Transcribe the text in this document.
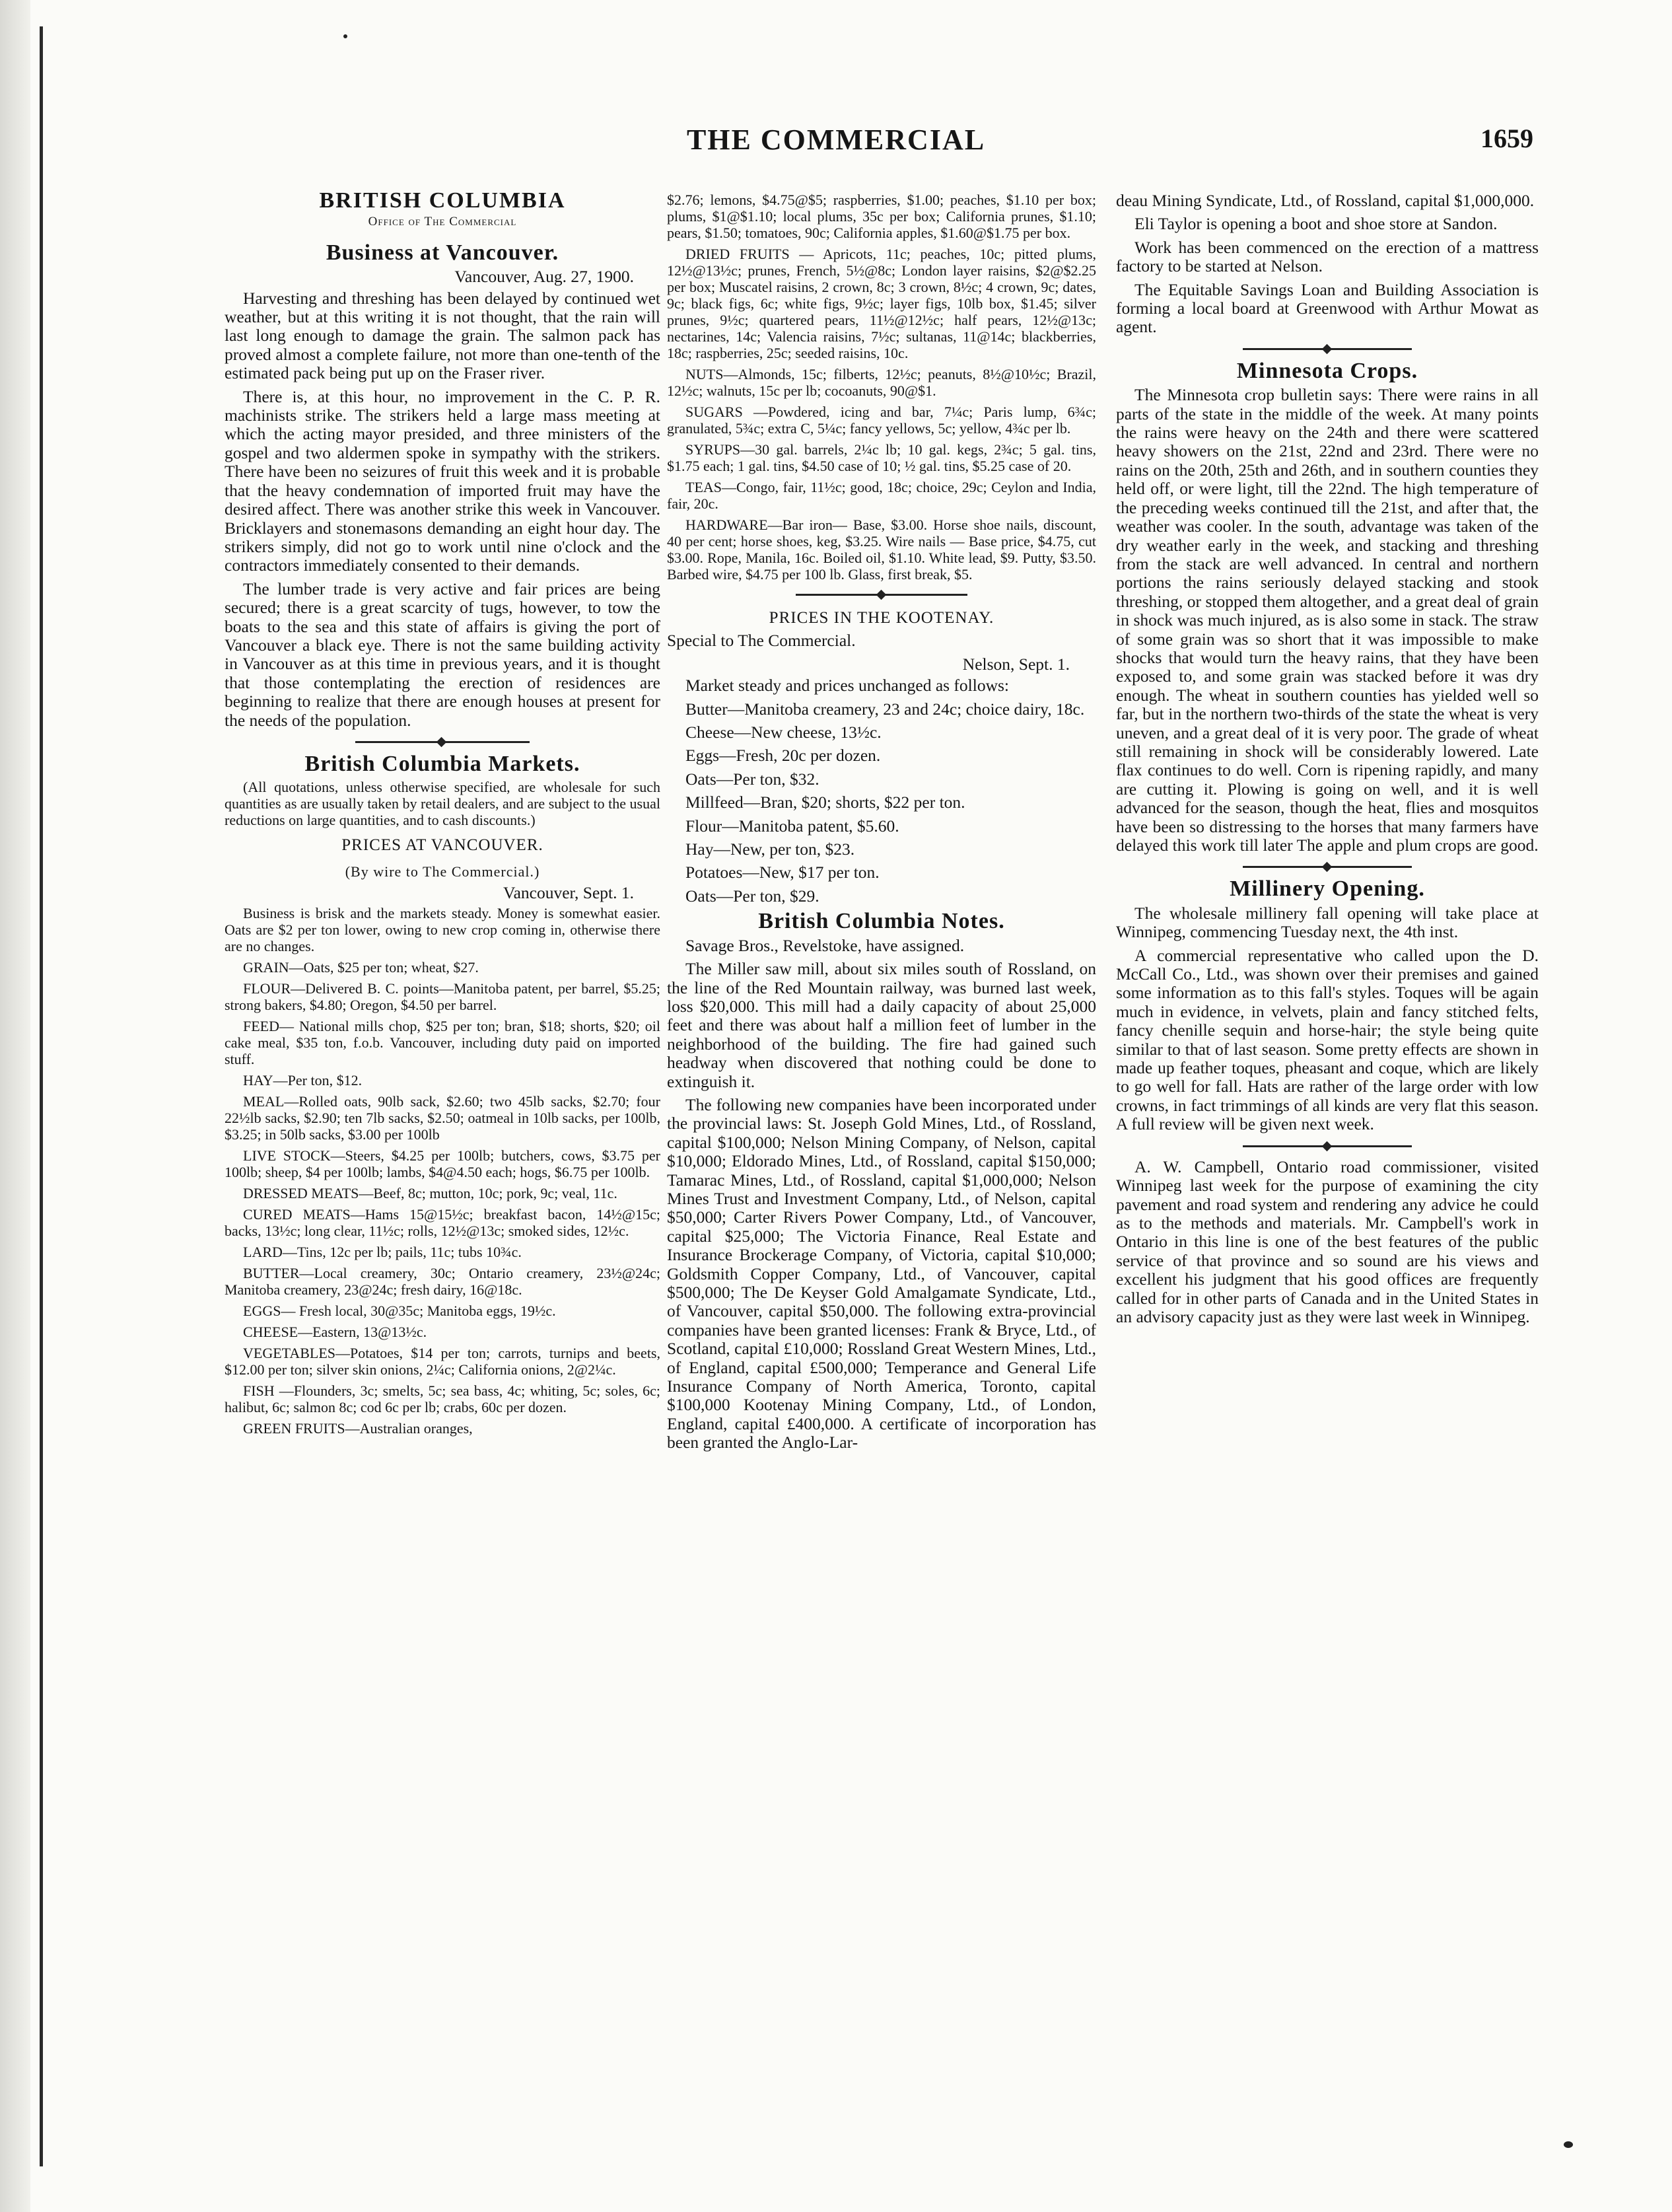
THE COMMERCIAL	1659
BRITISH COLUMBIA
Office of The Commercial
Business at Vancouver.
Vancouver, Aug. 27, 1900.

Harvesting and threshing has been delayed by continued wet weather, but at this writing it is not thought, that the rain will last long enough to damage the grain. The salmon pack has proved almost a complete failure, not more than one-tenth of the estimated pack being put up on the Fraser river.

There is, at this hour, no improvement in the C. P. R. machinists strike. The strikers held a large mass meeting at which the acting mayor presided, and three ministers of the gospel and two aldermen spoke in sympathy with the strikers. There have been no seizures of fruit this week and it is probable that the heavy condemnation of imported fruit may have the desired affect. There was another strike this week in Vancouver. Bricklayers and stonemasons demanding an eight hour day. The strikers simply, did not go to work until nine o'clock and the contractors immediately consented to their demands.

The lumber trade is very active and fair prices are being secured; there is a great scarcity of tugs, however, to tow the boats to the sea and this state of affairs is giving the port of Vancouver a black eye. There is not the same building activity in Vancouver as at this time in previous years, and it is thought that those contemplating the erection of residences are beginning to realize that there are enough houses at present for the needs of the population.

British Columbia Markets.

(All quotations, unless otherwise specified, are wholesale for such quantities as are usually taken by retail dealers, and are subject to the usual reductions on large quantities, and to cash discounts.)

PRICES AT VANCOUVER.
(By wire to The Commercial.)
Vancouver, Sept. 1.

Business is brisk and the markets steady. Money is somewhat easier. Oats are $2 per ton lower, owing to new crop coming in, otherwise there are no changes.

GRAIN—Oats, $25 per ton; wheat, $27.

FLOUR—Delivered B. C. points—Manitoba patent, per barrel, $5.25; strong bakers, $4.80; Oregon, $4.50 per barrel.

FEED— National mills chop, $25 per ton; bran, $18; shorts, $20; oil cake meal, $35 ton, f.o.b. Vancouver, including duty paid on imported stuff.

HAY—Per ton, $12.

MEAL—Rolled oats, 90lb sack, $2.60; two 45lb sacks, $2.70; four 22½lb sacks, $2.90; ten 7lb sacks, $2.50; oatmeal in 10lb sacks, per 100lb, $3.25; in 50lb sacks, $3.00 per 100lb

LIVE STOCK—Steers, $4.25 per 100lb; butchers, cows, $3.75 per 100lb; sheep, $4 per 100lb; lambs, $4@4.50 each; hogs, $6.75 per 100lb.

DRESSED MEATS—Beef, 8c; mutton, 10c; pork, 9c; veal, 11c.

CURED MEATS—Hams 15@15½c; breakfast bacon, 14½@15c; backs, 13½c; long clear, 11½c; rolls, 12½@13c; smoked sides, 12½c.

LARD—Tins, 12c per lb; pails, 11c; tubs 10¾c.

BUTTER—Local creamery, 30c; Ontario creamery, 23½@24c; Manitoba creamery, 23@24c; fresh dairy, 16@18c.

EGGS— Fresh local, 30@35c; Manitoba eggs, 19½c.

CHEESE—Eastern, 13@13½c.

VEGETABLES—Potatoes, $14 per ton; carrots, turnips and beets, $12.00 per ton; silver skin onions, 2¼c; California onions, 2@2¼c.

FISH —Flounders, 3c; smelts, 5c; sea bass, 4c; whiting, 5c; soles, 6c; halibut, 6c; salmon 8c; cod 6c per lb; crabs, 60c per dozen.

GREEN FRUITS—Australian oranges,

$2.76; lemons, $4.75@$5; raspberries, $1.00; peaches, $1.10 per box; plums, $1@$1.10; local plums, 35c per box; California prunes, $1.10; pears, $1.50; tomatoes, 90c; California apples, $1.60@$1.75 per box.

DRIED FRUITS — Apricots, 11c; peaches, 10c; pitted plums, 12½@13½c; prunes, French, 5½@8c; London layer raisins, $2@$2.25 per box; Muscatel raisins, 2 crown, 8c; 3 crown, 8½c; 4 crown, 9c; dates, 9c; black figs, 6c; white figs, 9½c; layer figs, 10lb box, $1.45; silver prunes, 9½c; quartered pears, 11½@12½c; half pears, 12½@13c; nectarines, 14c; Valencia raisins, 7½c; sultanas, 11@14c; blackberries, 18c; raspberries, 25c; seeded raisins, 10c.

NUTS—Almonds, 15c; filberts, 12½c; peanuts, 8½@10½c; Brazil, 12½c; walnuts, 15c per lb; cocoanuts, 90@$1.

SUGARS —Powdered, icing and bar, 7¼c; Paris lump, 6¾c; granulated, 5¾c; extra C, 5¼c; fancy yellows, 5c; yellow, 4¾c per lb.

SYRUPS—30 gal. barrels, 2¼c lb; 10 gal. kegs, 2¾c; 5 gal. tins, $1.75 each; 1 gal. tins, $4.50 case of 10; ½ gal. tins, $5.25 case of 20.

TEAS—Congo, fair, 11½c; good, 18c; choice, 29c; Ceylon and India, fair, 20c.

HARDWARE—Bar iron— Base, $3.00. Horse shoe nails, discount, 40 per cent; horse shoes, keg, $3.25. Wire nails — Base price, $4.75, cut $3.00. Rope, Manila, 16c. Boiled oil, $1.10. White lead, $9. Putty, $3.50. Barbed wire, $4.75 per 100 lb. Glass, first break, $5.

PRICES IN THE KOOTENAY.

Special to The Commercial.

Nelson, Sept. 1.

Market steady and prices unchanged as follows:

Butter—Manitoba creamery, 23 and 24c; choice dairy, 18c.

Cheese—New cheese, 13½c.

Eggs—Fresh, 20c per dozen.

Oats—Per ton, $32.

Millfeed—Bran, $20; shorts, $22 per ton.

Flour—Manitoba patent, $5.60.

Hay—New, per ton, $23.

Potatoes—New, $17 per ton.

Oats—Per ton, $29.

British Columbia Notes.

Savage Bros., Revelstoke, have assigned.

The Miller saw mill, about six miles south of Rossland, on the line of the Red Mountain railway, was burned last week, loss $20,000. This mill had a daily capacity of about 25,000 feet and there was about half a million feet of lumber in the neighborhood of the building. The fire had gained such headway when discovered that nothing could be done to extinguish it.

The following new companies have been incorporated under the provincial laws: St. Joseph Gold Mines, Ltd., of Rossland, capital $100,000; Nelson Mining Company, of Nelson, capital $10,000; Eldorado Mines, Ltd., of Rossland, capital $150,000; Tamarac Mines, Ltd., of Rossland, capital $1,000,000; Nelson Mines Trust and Investment Company, Ltd., of Nelson, capital $50,000; Carter Rivers Power Company, Ltd., of Vancouver, capital $25,000; The Victoria Finance, Real Estate and Insurance Brockerage Company, of Victoria, capital $10,000; Goldsmith Copper Company, Ltd., of Vancouver, capital $500,000; The De Keyser Gold Amalgamate Syndicate, Ltd., of Vancouver, capital $50,000. The following extra-provincial companies have been granted licenses: Frank & Bryce, Ltd., of Scotland, capital £10,000; Rossland Great Western Mines, Ltd., of England, capital £500,000; Temperance and General Life Insurance Company of North America, Toronto, capital $100,000 Kootenay Mining Company, Ltd., of London, England, capital £400,000. A certificate of incorporation has been granted the Anglo-Lar-

deau Mining Syndicate, Ltd., of Rossland, capital $1,000,000.

Eli Taylor is opening a boot and shoe store at Sandon.

Work has been commenced on the erection of a mattress factory to be started at Nelson.

The Equitable Savings Loan and Building Association is forming a local board at Greenwood with Arthur Mowat as agent.

Minnesota Crops.

The Minnesota crop bulletin says: There were rains in all parts of the state in the middle of the week. At many points the rains were heavy on the 24th and there were scattered heavy showers on the 21st, 22nd and 23rd. There were no rains on the 20th, 25th and 26th, and in southern counties they held off, or were light, till the 22nd. The high temperature of the preceding weeks continued till the 21st, and after that, the weather was cooler. In the south, advantage was taken of the dry weather early in the week, and stacking and threshing from the stack are well advanced. In central and northern portions the rains seriously delayed stacking and stook threshing, or stopped them altogether, and a great deal of grain in shock was much injured, as is also some in stack. The straw of some grain was so short that it was impossible to make shocks that would turn the heavy rains, that they have been exposed to, and some grain was stacked before it was dry enough. The wheat in southern counties has yielded well so far, but in the northern two-thirds of the state the wheat is very uneven, and a great deal of it is very poor. The grade of wheat still remaining in shock will be considerably lowered. Late flax continues to do well. Corn is ripening rapidly, and many are cutting it. Plowing is going on well, and it is well advanced for the season, though the heat, flies and mosquitos have been so distressing to the horses that many farmers have delayed this work till later The apple and plum crops are good.

Millinery Opening.

The wholesale millinery fall opening will take place at Winnipeg, commencing Tuesday next, the 4th inst.

A commercial representative who called upon the D. McCall Co., Ltd., was shown over their premises and gained some information as to this fall's styles. Toques will be again much in evidence, in velvets, plain and fancy stitched felts, fancy chenille sequin and horse-hair; the style being quite similar to that of last season. Some pretty effects are shown in made up feather toques, pheasant and coque, which are likely to go well for fall. Hats are rather of the large order with low crowns, in fact trimmings of all kinds are very flat this season. A full review will be given next week.

A. W. Campbell, Ontario road commissioner, visited Winnipeg last week for the purpose of examining the city pavement and road system and rendering any advice he could as to the methods and materials. Mr. Campbell's work in Ontario in this line is one of the best features of the public service of that province and so sound are his views and excellent his judgment that his good offices are frequently called for in other parts of Canada and in the United States in an advisory capacity just as they were last week in Winnipeg.
